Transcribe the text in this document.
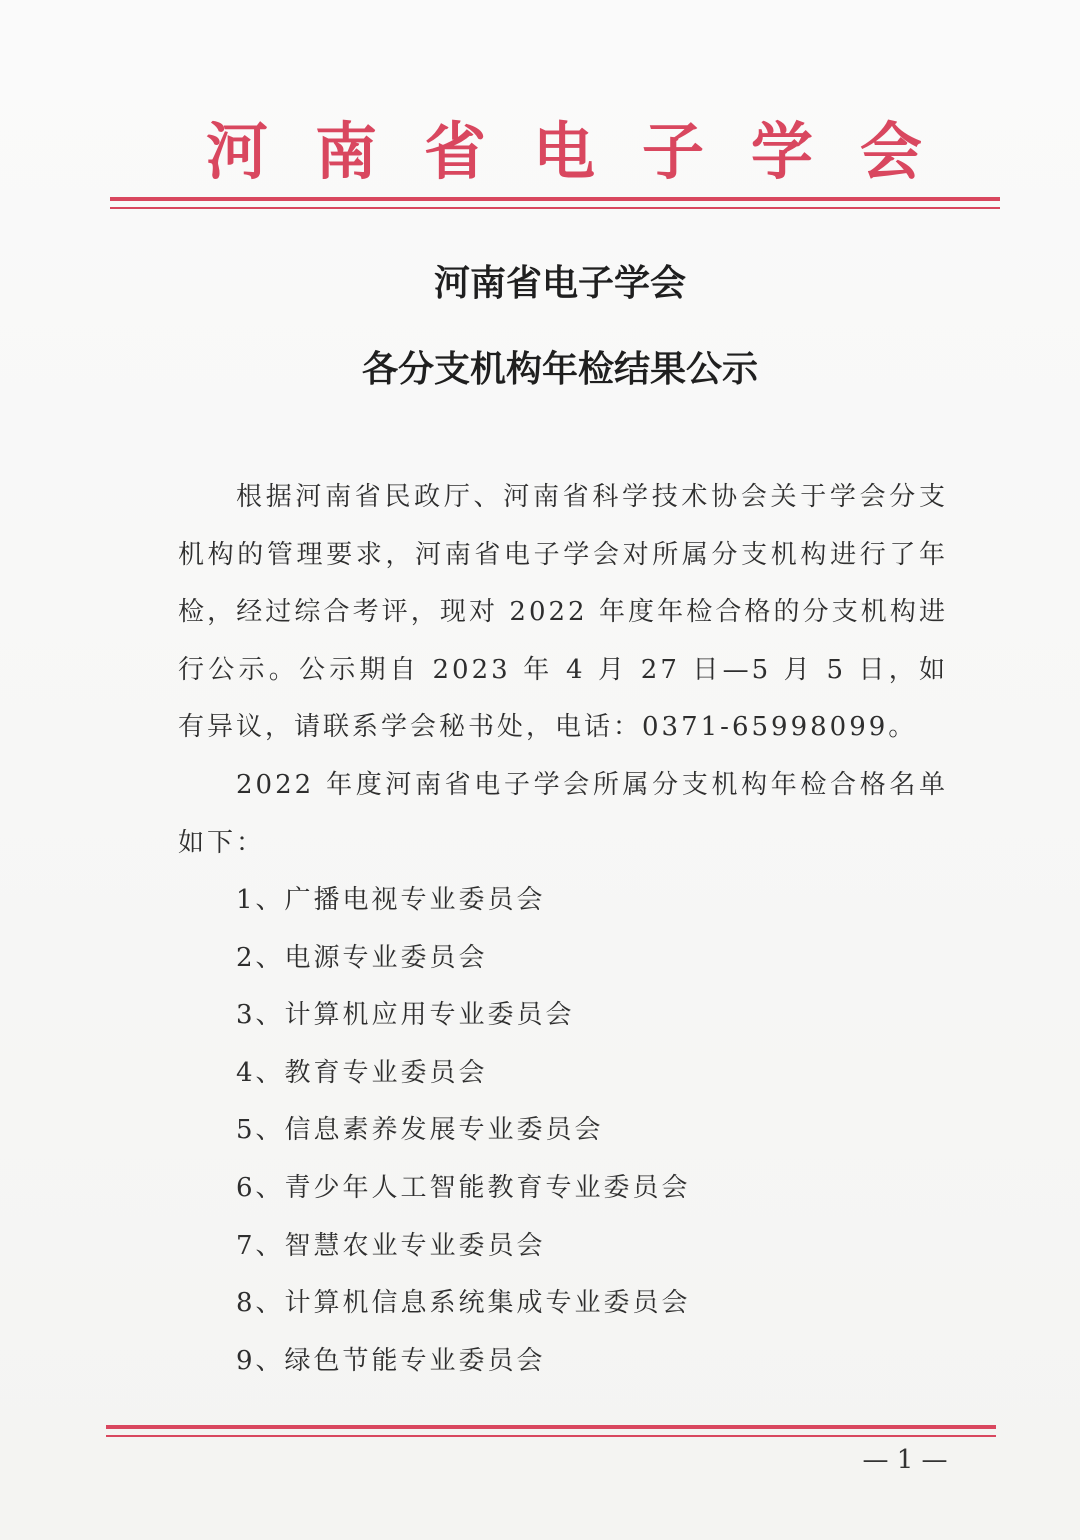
河 南 省 电 子 学 会
河南省电子学会
各分支机构年检结果公示

根据河南省民政厅、河南省科学技术协会关于学会分支机构的管理要求，河南省电子学会对所属分支机构进行了年检，经过综合考评，现对 2022 年度年检合格的分支机构进行公示。公示期自 2023 年 4 月 27 日—5 月 5 日，如有异议，请联系学会秘书处，电话：0371-65998099。

2022 年度河南省电子学会所属分支机构年检合格名单如下：

1、广播电视专业委员会
2、电源专业委员会
3、计算机应用专业委员会
4、教育专业委员会
5、信息素养发展专业委员会
6、青少年人工智能教育专业委员会
7、智慧农业专业委员会
8、计算机信息系统集成专业委员会
9、绿色节能专业委员会
— 1 —
